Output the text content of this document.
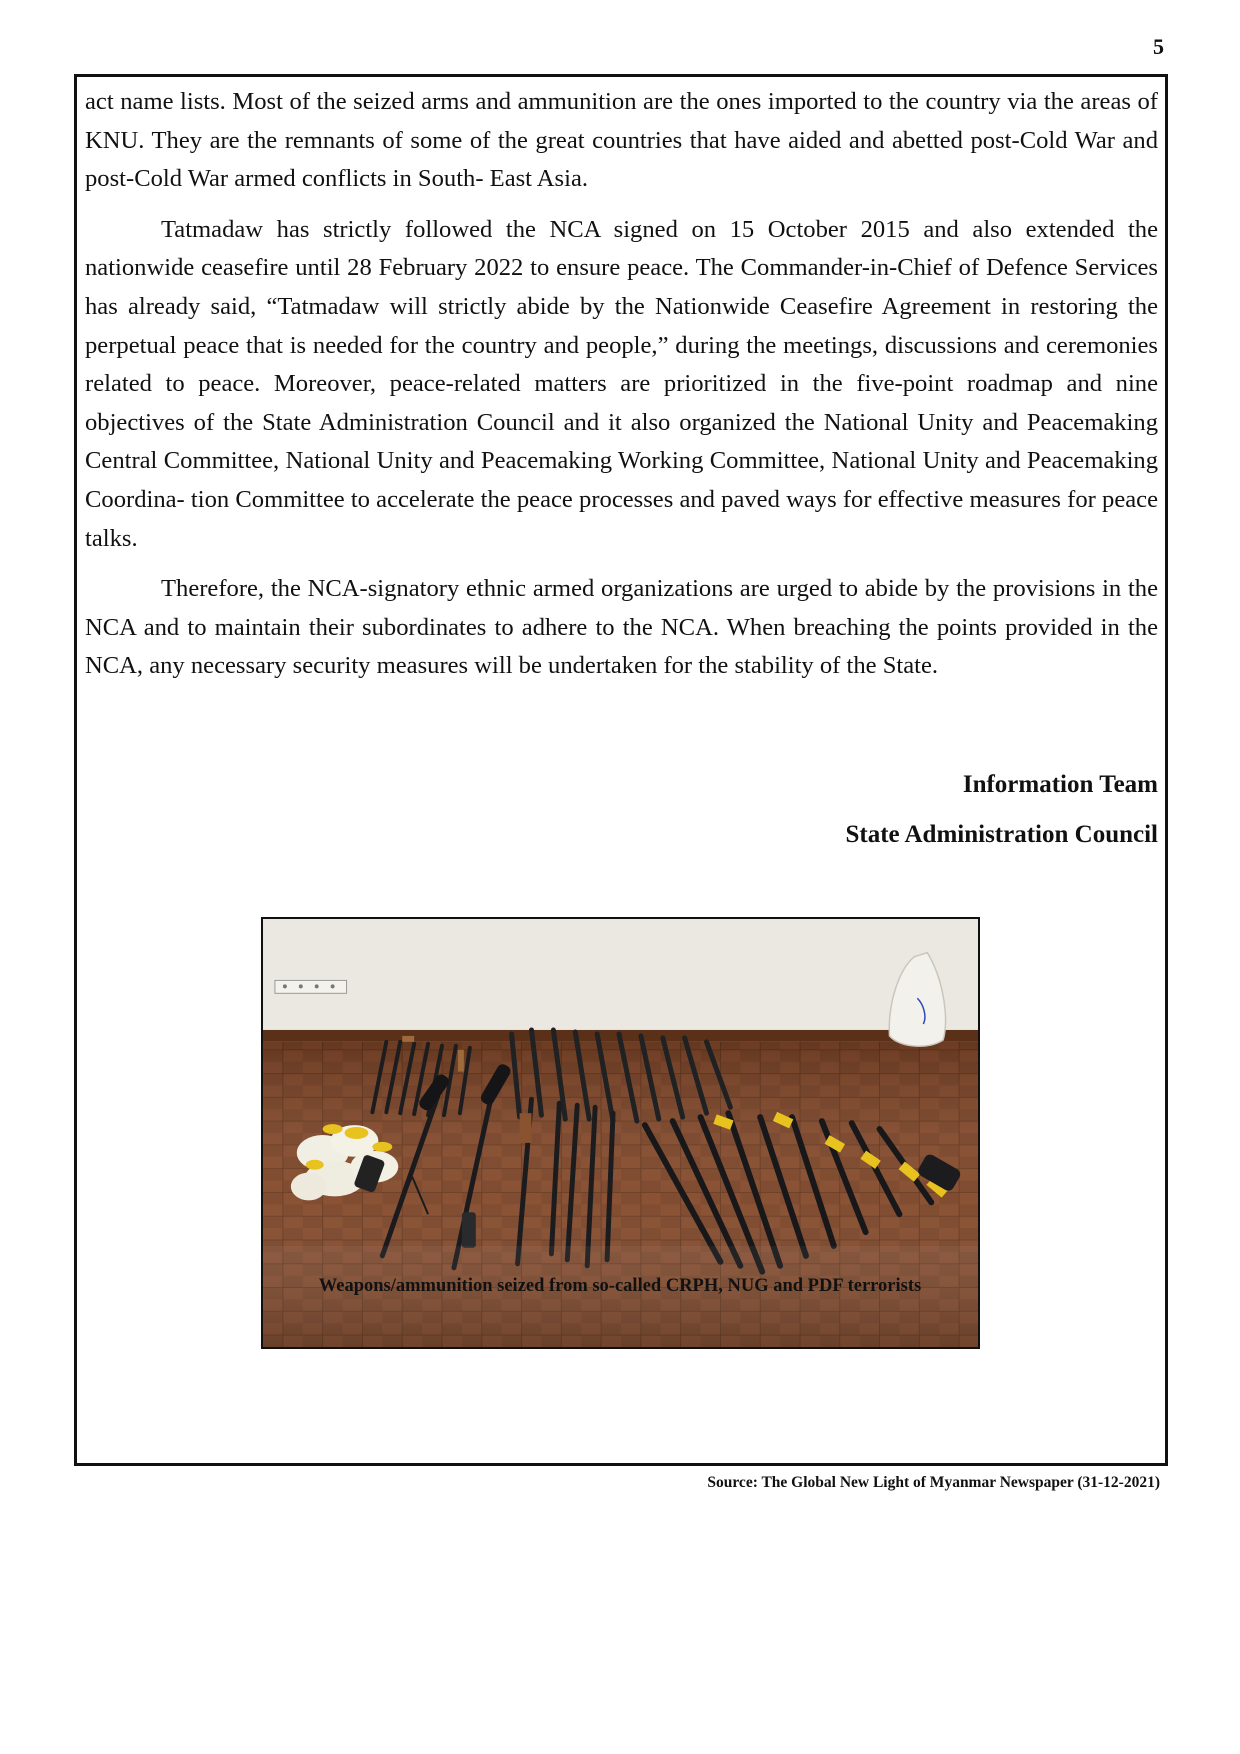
5

act name lists. Most of the seized arms and ammunition are the ones imported to the country via the areas of KNU. They are the remnants of some of the great countries that have aided and abetted post-Cold War and post-Cold War armed conflicts in South- East Asia.

Tatmadaw has strictly followed the NCA signed on 15 October 2015 and also extended the nationwide ceasefire until 28 February 2022 to ensure peace. The Commander-in-Chief of Defence Services has already said, “Tatmadaw will strictly abide by the Nationwide Ceasefire Agreement in restoring the perpetual peace that is needed for the country and people,” during the meetings, discussions and ceremonies related to peace. Moreover, peace-related matters are prioritized in the five-point roadmap and nine objectives of the State Administration Council and it also organized the National Unity and Peacemaking Central Committee, National Unity and Peacemaking Working Committee, National Unity and Peacemaking Coordina- tion Committee to accelerate the peace processes and paved ways for effective measures for peace talks.

Therefore, the NCA-signatory ethnic armed organizations are urged to abide by the provisions in the NCA and to maintain their subordinates to adhere to the NCA. When breaching the points provided in the NCA, any necessary security measures will be undertaken for the stability of the State.

Information Team
State Administration Council
Weapons/ammunition seized from so-called CRPH, NUG and PDF terrorists
Source: The Global New Light of Myanmar Newspaper (31-12-2021)
